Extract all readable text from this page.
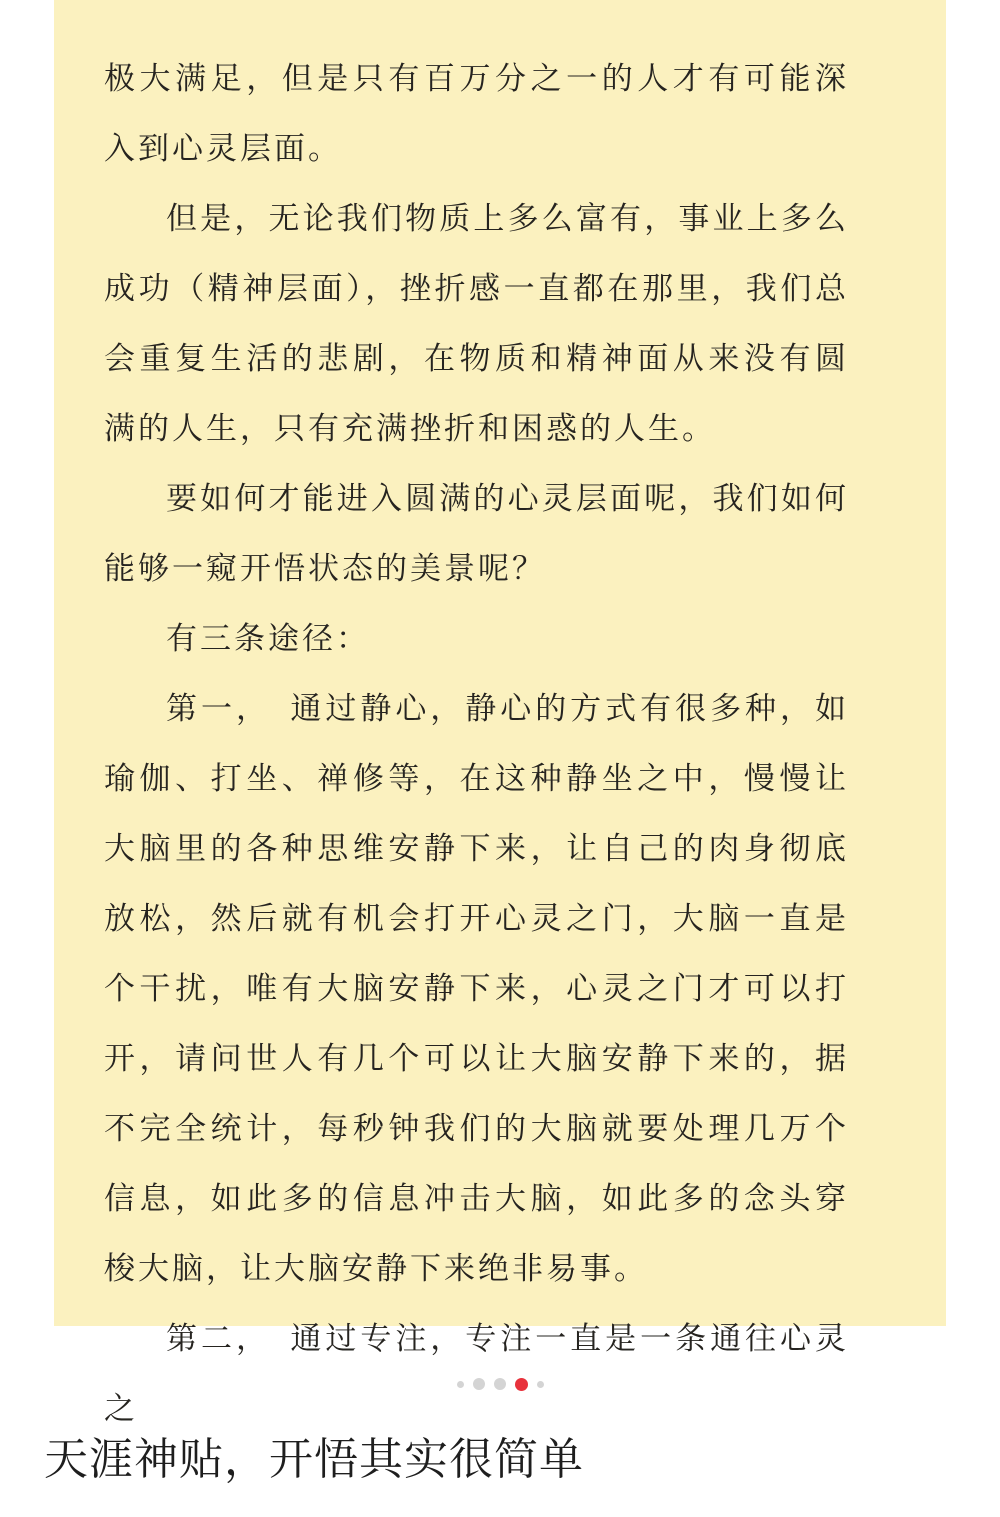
极大满足，但是只有百万分之一的人才有可能深入到心灵层面。

但是，无论我们物质上多么富有，事业上多么成功（精神层面），挫折感一直都在那里，我们总会重复生活的悲剧，在物质和精神面从来没有圆满的人生，只有充满挫折和困惑的人生。

要如何才能进入圆满的心灵层面呢，我们如何能够一窥开悟状态的美景呢？

有三条途径：

第一，　通过静心，静心的方式有很多种，如瑜伽、打坐、禅修等，在这种静坐之中，慢慢让大脑里的各种思维安静下来，让自己的肉身彻底放松，然后就有机会打开心灵之门，大脑一直是个干扰，唯有大脑安静下来，心灵之门才可以打开，请问世人有几个可以让大脑安静下来的，据不完全统计，每秒钟我们的大脑就要处理几万个信息，如此多的信息冲击大脑，如此多的念头穿梭大脑，让大脑安静下来绝非易事。

第二，　通过专注，专注一直是一条通往心灵之

天涯神贴，开悟其实很简单
